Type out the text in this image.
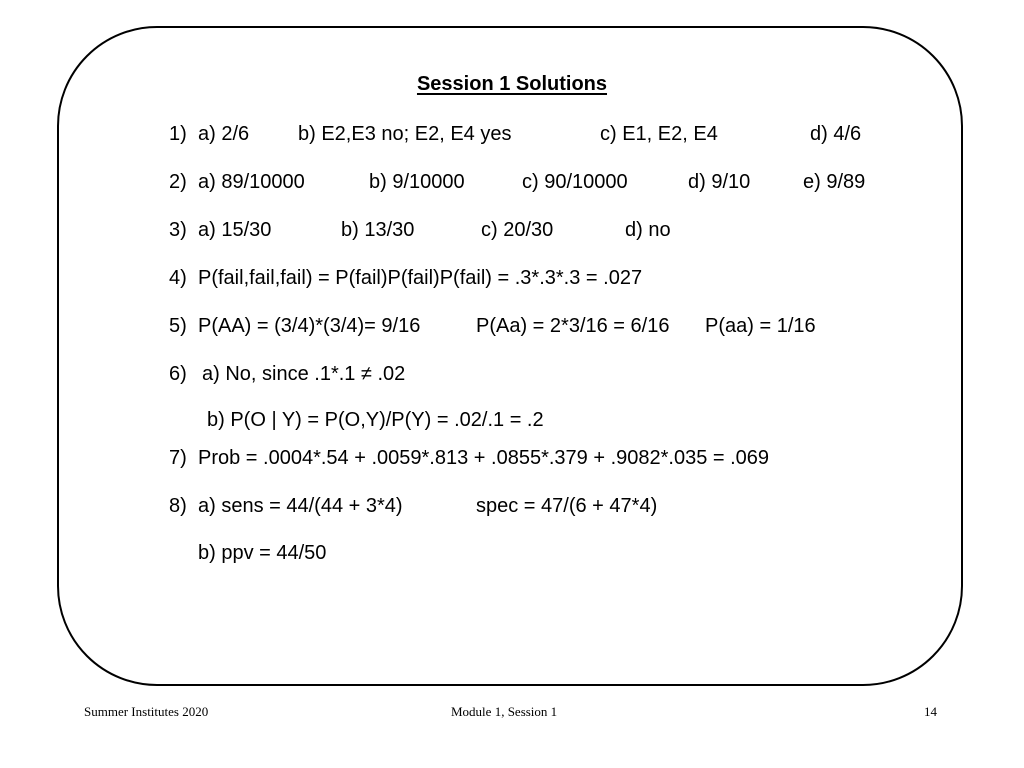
Session 1 Solutions
1) a) 2/6 b) E2,E3 no; E2, E4 yes	c) E1, E2, E4	d) 4/6
2) a) 89/10000	b) 9/10000	c) 90/10000	d) 9/10	e) 9/89
3) a) 15/30	b) 13/30	c) 20/30	d) no
4) P(fail,fail,fail) = P(fail)P(fail)P(fail) = .3*.3*.3 = .027
5) P(AA) = (3/4)*(3/4)= 9/16	P(Aa) = 2*3/16 = 6/16 P(aa) = 1/16
6) a) No, since .1*.1 ≠ .02
b) P(O | Y) = P(O,Y)/P(Y) = .02/.1 = .2
7) Prob = .0004*.54 + .0059*.813 + .0855*.379 + .9082*.035 = .069
8) a) sens = 44/(44 + 3*4)	spec = 47/(6 + 47*4)
b) ppv = 44/50
Summer Institutes 2020	Module 1, Session 1	14
